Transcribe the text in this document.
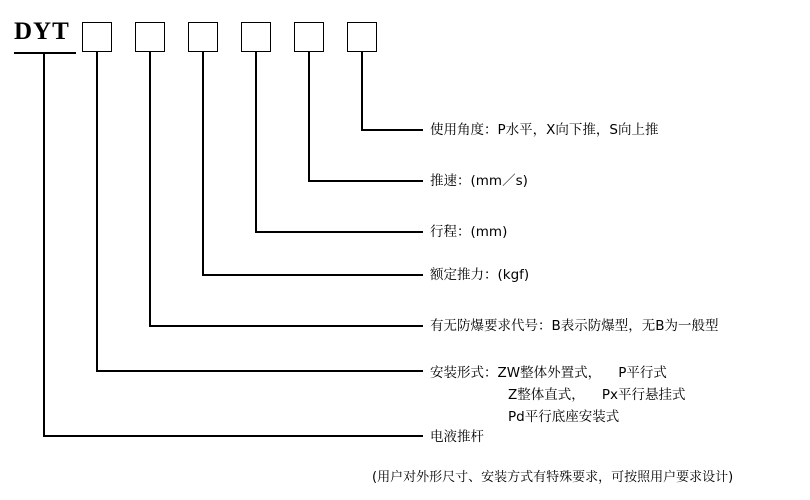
DYT
使用角度：P水平，X向下推，S向上推
推速：(mm／s)
行程：(mm)
额定推力：(kgf)
有无防爆要求代号：B表示防爆型，无B为一般型
安装形式：ZW整体外置式，    P平行式
Z整体直式，    Px平行悬挂式
Pd平行底座安装式
电液推杆
(用户对外形尺寸、安装方式有特殊要求，可按照用户要求设计)
